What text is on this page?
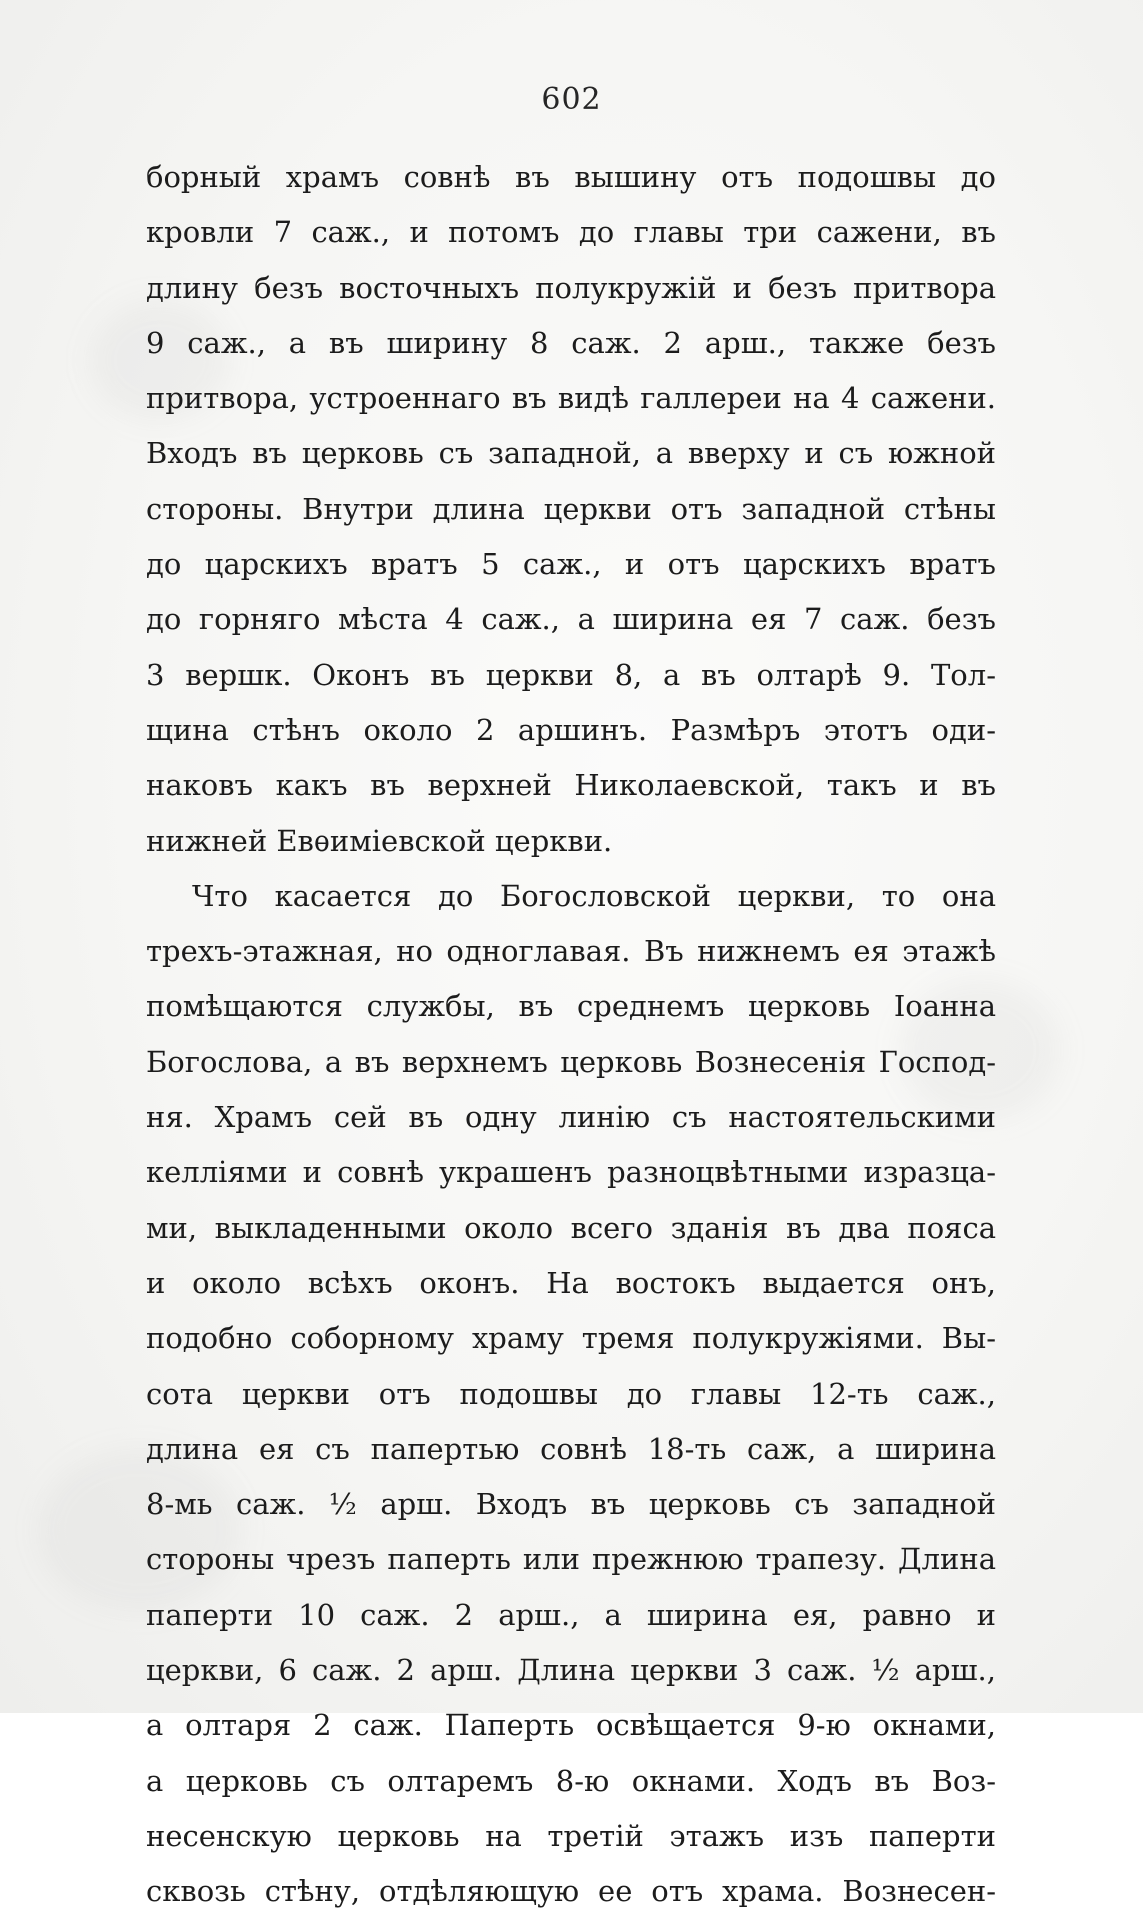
602

борный храмъ совнѣ въ вышину отъ подошвы до
кровли 7 саж., и потомъ до главы три сажени, въ
длину безъ восточныхъ полукружій и безъ притвора
9 саж., а въ ширину 8 саж. 2 арш., также безъ
притвора, устроеннаго въ видѣ галлереи на 4 сажени.
Входъ въ церковь съ западной, а вверху и съ южной
стороны. Внутри длина церкви отъ западной стѣны
до царскихъ вратъ 5 саж., и отъ царскихъ вратъ
до горняго мѣста 4 саж., а ширина ея 7 саж. безъ
3 вершк. Оконъ въ церкви 8, а въ олтарѣ 9. Тол-
щина стѣнъ около 2 аршинъ. Размѣръ этотъ оди-
наковъ какъ въ верхней Николаевской, такъ и въ
нижней Евѳиміевской церкви.
Что касается до Богословской церкви, то она
трехъ-этажная, но одноглавая. Въ нижнемъ ея этажѣ
помѣщаются службы, въ среднемъ церковь Іоанна
Богослова, а въ верхнемъ церковь Вознесенія Господ-
ня. Храмъ сей въ одну линію съ настоятельскими
келліями и совнѣ украшенъ разноцвѣтными изразца-
ми, выкладенными около всего зданія въ два пояса
и около всѣхъ оконъ. На востокъ выдается онъ,
подобно соборному храму тремя полукружіями. Вы-
сота церкви отъ подошвы до главы 12-ть саж.,
длина ея съ папертью совнѣ 18-ть саж, а ширина
8-мь саж. ½ арш. Входъ въ церковь съ западной
стороны чрезъ паперть или прежнюю трапезу. Длина
паперти 10 саж. 2 арш., а ширина ея, равно и
церкви, 6 саж. 2 арш. Длина церкви 3 саж. ½ арш.,
а олтаря 2 саж. Паперть освѣщается 9-ю окнами,
а церковь съ олтаремъ 8-ю окнами. Ходъ въ Воз-
несенскую церковь на третій этажъ изъ паперти
сквозь стѣну, отдѣляющую ее отъ храма. Вознесен-
